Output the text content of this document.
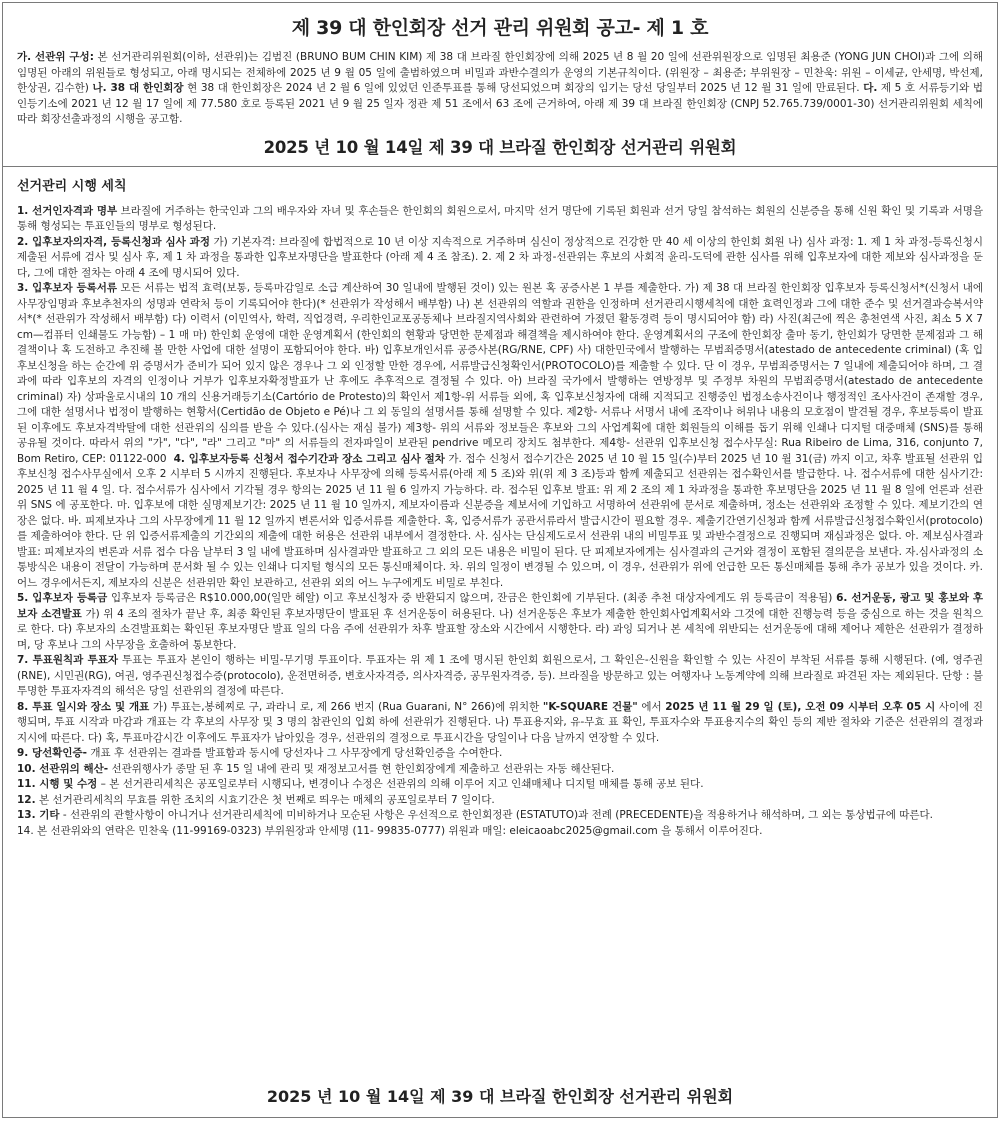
제 39 대 한인회장 선거 관리 위원회 공고- 제 1 호

가. 선관위 구성: 본 선거관리위원회(이하, 선관위)는 김범진 (BRUNO BUM CHIN KIM) 제 38 대 브라질 한인회장에 의해 2025 년 8 월 20 일에 선관위원장으로 임명된 최용준 (YONG JUN CHOI)과 그에 의해 임명된 아래의 위원들로 형성되고, 아래 명시되는 전체하에 2025 년 9 월 05 일에 출범하였으며 비밀과 과반수결의가 운영의 기본규칙이다. (위원장 – 최용준; 부위원장 – 민찬욱: 위원 – 이세균, 안세명, 박선제, 한상권, 김수한) 나. 38 대 한인회장 현 38 대 한인회장은 2024 년 2 월 6 일에 있었던 인준투표를 통해 당선되었으며 회장의 임기는 당선 당일부터 2025 년 12 월 31 일에 만료된다. 다. 제 5 호 서류등기와 법인등기소에 2021 년 12 월 17 일에 제 77.580 호로 등록된 2021 년 9 월 25 일자 정관 제 51 조에서 63 조에 근거하여, 아래 제 39 대 브라질 한인회장 (CNPJ 52.765.739/0001-30) 선거관리위원회 세칙에 따라 회장선출과정의 시행을 공고함.

2025 년 10 월 14일 제 39 대 브라질 한인회장 선거관리 위원회
선거관리 시행 세칙

1. 선거인자격과 명부 브라질에 거주하는 한국인과 그의 배우자와 자녀 및 후손들은 한인회의 회원으로서, 마지막 선거 명단에 기록된 회원과 선거 당일 참석하는 회원의 신분증을 통해 신원 확인 및 기록과 서명을 통해 형성되는 투표인들의 명부로 형성된다.

2. 입후보자의자격, 등록신청과 심사 과정 가) 기본자격: 브라질에 합법적으로 10 년 이상 지속적으로 거주하며 심신이 정상적으로 건강한 만 40 세 이상의 한인회 회원 나) 심사 과정: 1. 제 1 차 과정-등록신청시 제출된 서류에 검사 및 심사 후, 제 1 차 과정을 통과한 입후보자명단을 발표한다 (아래 제 4 조 참조). 2. 제 2 차 과정-선관위는 후보의 사회적 윤리-도덕에 관한 심사를 위해 입후보자에 대한 제보와 심사과정을 둔다, 그에 대한 절차는 아래 4 조에 명시되어 있다.

3. 입후보자 등록서류 모든 서류는 법적 효력(보통, 등록마감일로 소급 계산하여 30 일내에 발행된 것이) 있는 원본 혹 공증사본 1 부를 제출한다. 가) 제 38 대 브라질 한인회장 입후보자 등록신청서*(신청서 내에 사무장임명과 후보추천자의 성명과 연락처 등이 기록되어야 한다)(* 선관위가 작성해서 배부함) 나) 본 선관위의 역할과 권한을 인정하며 선거관리시행세칙에 대한 효력인정과 그에 대한 준수 및 선거결과승복서약서*(* 선관위가 작성해서 배부함) 다) 이력서 (이민역사, 학력, 직업경력, 우리한인교포공동체나 브라질지역사회와 관련하여 가졌던 활동경력 등이 명시되어야 함) 라) 사진(최근에 찍은 총천연색 사진, 최소 5 X 7 cm—컴퓨터 인쇄물도 가능함) – 1 매 마) 한인회 운영에 대한 운영계획서 (한인회의 현황과 당면한 문제점과 해결책을 제시하여야 한다. 운영계획서의 구조에 한인회장 출마 동기, 한인회가 당면한 문제점과 그 해결책이나 혹 도전하고 추진해 볼 만한 사업에 대한 설명이 포함되어야 한다. 바) 입후보개인서류 공증사본(RG/RNE, CPF) 사) 대한민국에서 발행하는 무범죄증명서(atestado de antecedente criminal) (혹 입후보신청을 하는 순간에 위 증명서가 준비가 되어 있지 않은 경우나 그 외 인정할 만한 경우에, 서류발급신청확인서(PROTOCOLO)를 제출할 수 있다. 단 이 경우, 무범죄증명서는 7 일내에 제출되어야 하며, 그 결과에 따라 입후보의 자격의 인정이나 거부가 입후보자확정발표가 난 후에도 추후적으로 결정될 수 있다. 아) 브라질 국가에서 발행하는 연방정부 및 주정부 차원의 무범죄증명서(atestado de antecedente criminal) 자) 상파울로시내의 10 개의 신용거래등기소(Cartório de Protesto)의 확인서 제1항-위 서류들 외에, 혹 입후보신청자에 대해 지적되고 진행중인 법정소송사건이나 행정적인 조사사건이 존재할 경우, 그에 대한 설명서나 법정이 발행하는 현황서(Certidão de Objeto e Pé)나 그 외 동일의 설명서를 통해 설명할 수 있다. 제2항- 서류나 서명서 내에 조작이나 허위나 내용의 모호점이 발견될 경우, 후보등록이 발표된 이후에도 후보자격박탈에 대한 선관위의 심의를 받을 수 있다.(심사는 재심 불가) 제3항- 위의 서류와 정보들은 후보와 그의 사업계획에 대한 회원들의 이해를 돕기 위해 인쇄나 디지털 대중매체 (SNS)를 통해 공유될 것이다. 따라서 위의 "가", "다", "라" 그리고 "마" 의 서류들의 전자파일이 보관된 pendrive 메모리 장치도 첨부한다. 제4항- 선관위 입후보신청 접수사무실: Rua Ribeiro de Lima, 316, conjunto 7, Bom Retiro, CEP: 01122-000 4. 입후보자등록 신청서 접수기간과 장소 그리고 심사 절차 가. 접수 신청서 접수기간은 2025 년 10 월 15 일(수)부터 2025 년 10 월 31(금) 까지 이고, 차후 발표될 선관위 입후보신청 접수사무실에서 오후 2 시부터 5 시까지 진행된다. 후보자나 사무장에 의해 등록서류(아래 제 5 조)와 위(위 제 3 조)등과 함께 제출되고 선관위는 접수확인서를 발급한다. 나. 접수서류에 대한 심사기간: 2025 년 11 월 4 일. 다. 접수서류가 심사에서 기각될 경우 항의는 2025 년 11 월 6 일까지 가능하다. 라. 접수된 입후보 발표: 위 제 2 조의 제 1 차과정을 통과한 후보명단을 2025 년 11 월 8 일에 언론과 선관위 SNS 에 공포한다. 마. 입후보에 대한 실명제보기간: 2025 년 11 월 10 일까지, 제보자이름과 신분증을 제보서에 기입하고 서명하여 선관위에 문서로 제출하며, 정소는 선관위와 조정할 수 있다. 제보기간의 연장은 없다. 바. 피제보자나 그의 사무장에게 11 월 12 일까지 변론서와 입증서류를 제출한다. 혹, 입증서류가 공관서류라서 발급시간이 필요할 경우. 제출기간연기신청과 함께 서류발급신청접수확인서(protocolo)를 제출하여야 한다. 단 위 입증서류제출의 기간외의 제출에 대한 허용은 선관위 내부에서 결정한다. 사. 심사는 단심제도로서 선관위 내의 비밀투표 및 과반수결정으로 진행되며 재심과정은 없다. 아. 제보심사결과 발표: 피제보자의 변론과 서류 접수 다음 날부터 3 일 내에 발표하며 심사결과만 발표하고 그 외의 모든 내용은 비밀이 된다. 단 피제보자에게는 심사결과의 근거와 결정이 포함된 결의문을 보낸다. 자.심사과정의 소통방식은 내용이 전달이 가능하며 문서화 될 수 있는 인쇄나 디지털 형식의 모든 통신매체이다. 차. 위의 일정이 변경될 수 있으며, 이 경우, 선관위가 위에 언급한 모든 통신매체를 통해 추가 공보가 있을 것이다. 카. 어느 경우에서든지, 제보자의 신분은 선관위만 확인 보관하고, 선관위 외의 어느 누구에게도 비밀로 부친다.

5. 입후보자 등록금 입후보자 등록금은 R$10.000,00(일만 헤알) 이고 후보신청자 중 반환되지 않으며, 잔금은 한인회에 기부된다. (최종 추천 대상자에게도 위 등록금이 적용됨) 6. 선거운동, 광고 및 홍보와 후보자 소견발표 가) 위 4 조의 절차가 끝난 후, 최종 확인된 후보자명단이 발표된 후 선거운동이 허용된다. 나) 선거운동은 후보가 제출한 한인회사업계획서와 그것에 대한 진행능력 등을 중심으로 하는 것을 원칙으로 한다. 다) 후보자의 소견발표회는 확인된 후보자명단 발표 일의 다음 주에 선관위가 차후 발표할 장소와 시간에서 시행한다. 라) 과잉 되거나 본 세칙에 위반되는 선거운동에 대해 제어나 제한은 선관위가 결정하며, 당 후보나 그의 사무장을 호출하여 통보한다.

7. 투표원칙과 투표자 투표는 투표자 본인이 행하는 비밀-무기명 투표이다. 투표자는 위 제 1 조에 명시된 한인회 회원으로서, 그 확인은-신원을 확인할 수 있는 사진이 부착된 서류를 통해 시행된다. (예, 영주권(RNE), 시민권(RG), 여권, 영주권신청접수증(protocolo), 운전면허증, 변호사자격증, 의사자격증, 공무원자격증, 등). 브라질을 방문하고 있는 여행자나 노동계약에 의해 브라질로 파견된 자는 제외된다. 단항 : 불투명한 투표자자격의 해석은 당일 선관위의 결정에 따른다.

8. 투표 일시와 장소 및 개표 가) 투표는,봉헤찌로 구, 과라니 로, 제 266 번지 (Rua Guarani, N° 266)에 위치한 "K-SQUARE 건물" 에서 2025 년 11 월 29 일 (토), 오전 09 시부터 오후 05 시 사이에 진행되며, 투표 시작과 마감과 개표는 각 후보의 사무장 및 3 명의 참관인의 입회 하에 선관위가 진행된다. 나) 투표용지와, 유-무효 표 확인, 투표자수와 투표용지수의 확인 등의 제반 절차와 기준은 선관위의 결정과 지시에 따른다. 다) 혹, 투표마감시간 이후에도 투표자가 남아있을 경우, 선관위의 결정으로 투표시간을 당일이나 다음 날까지 연장할 수 있다.

9. 당선확인증- 개표 후 선관위는 결과를 발표함과 동시에 당선자나 그 사무장에게 당선확인증을 수여한다.

10. 선관위의 해산- 선관위행사가 종말 된 후 15 일 내에 관리 및 재정보고서를 현 한인회장에게 제출하고 선관위는 자동 해산된다.

11. 시행 및 수정 – 본 선거관리세칙은 공포일로부터 시행되나, 변경이나 수정은 선관위의 의해 이루어 지고 인쇄매체나 디지털 매체를 통해 공보 된다.

12. 본 선거관리세칙의 무효를 위한 조치의 시효기간은 첫 번째로 띄우는 매체의 공포일로부터 7 일이다.

13. 기타 - 선관위의 관할사항이 아니거나 선거관리세칙에 미비하거나 모순된 사항은 우선적으로 한인회정관 (ESTATUTO)과 전례 (PRECEDENTE)을 적용하거나 해석하며, 그 외는 통상법규에 따른다.

14. 본 선관위와의 연락은 민찬욱 (11-99169-0323) 부위원장과 안세명 (11- 99835-0777) 위원과 매일: eleicaoabc2025@gmail.com 을 통해서 이루어진다.

2025 년 10 월 14일 제 39 대 브라질 한인회장 선거관리 위원회
